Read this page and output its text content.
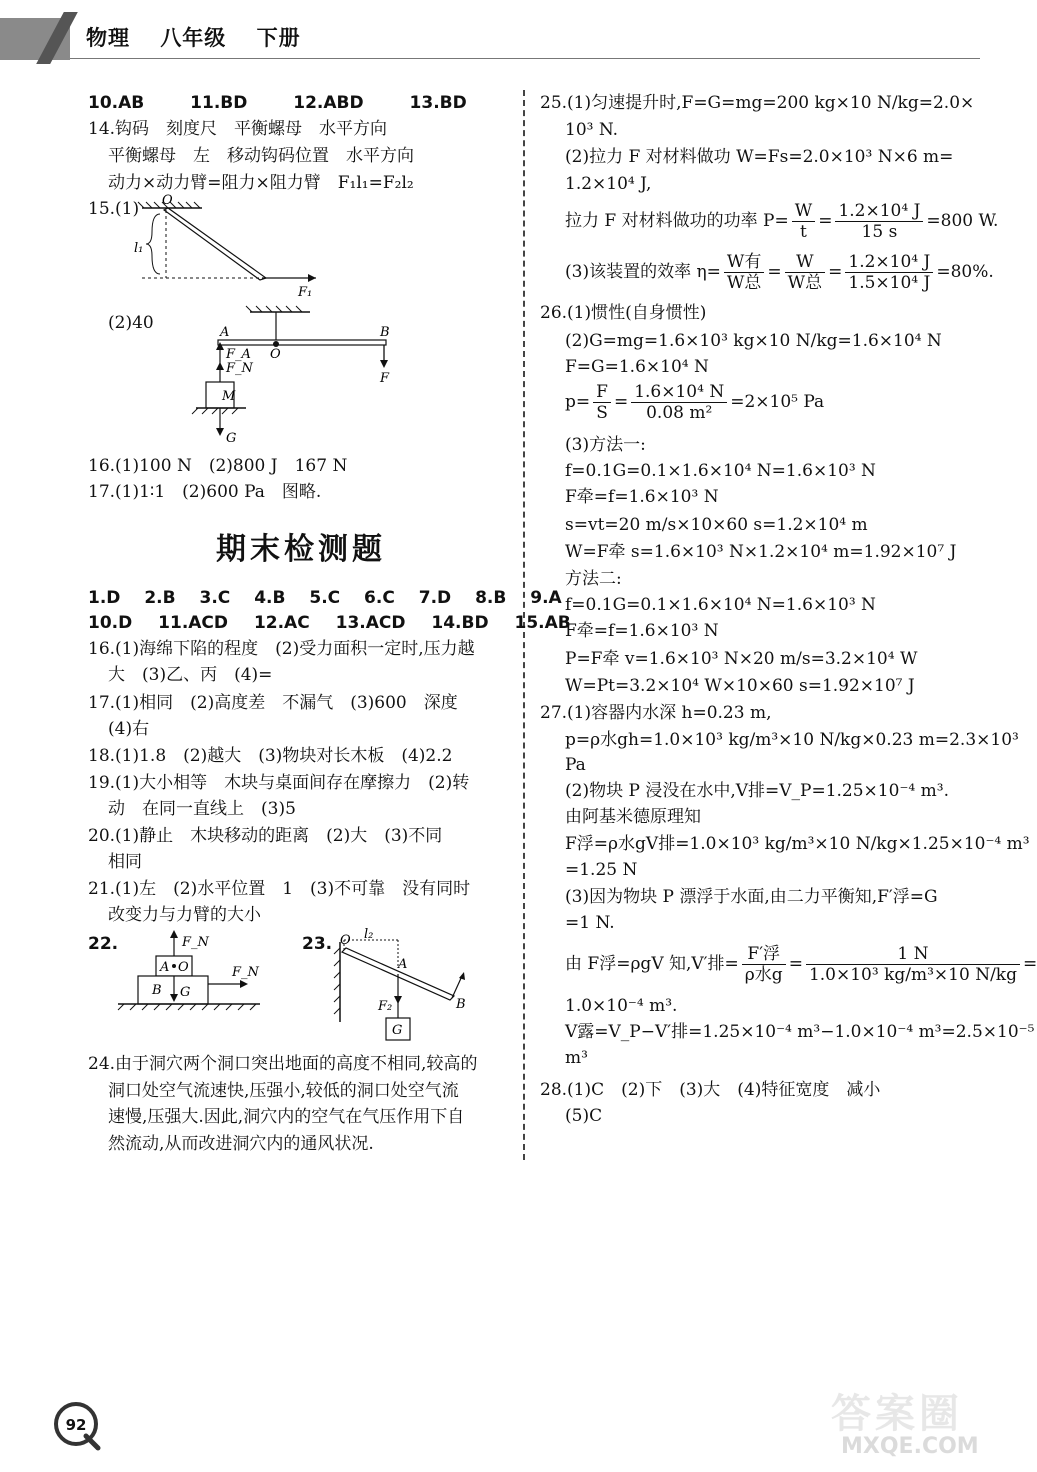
物理 八年级 下册
10.AB	11.BD	12.ABD	13.BD
14.钩码　刻度尺　平衡螺母　水平方向
平衡螺母　左　移动钩码位置　水平方向
动力×动力臂=阻力×阻力臂　F₁l₁=F₂l₂
15.(1) O
l₁
F₁
(2)40	A	B
O
F
F_A
F_N
M
G
16.(1)100 N　(2)800 J　167 N
17.(1)1∶1　(2)600 Pa　图略.
期末检测题
1.D 2.B 3.C 4.B 5.C 6.C 7.D 8.B 9.A
10.D 11.ACD 12.AC 13.ACD 14.BD 15.AB
16.(1)海绵下陷的程度　(2)受力面积一定时,压力越
大　(3)乙、丙　(4)=
17.(1)相同　(2)高度差　不漏气　(3)600　深度
(4)右
18.(1)1.8　(2)越大　(3)物块对长木板　(4)2.2
19.(1)大小相等　木块与桌面间存在摩擦力　(2)转
动　在同一直线上　(3)5
20.(1)静止　木块移动的距离　(2)大　(3)不同
相同
21.(1)左　(2)水平位置　1　(3)不可靠　没有同时
改变力与力臂的大小
22.	F_N
A O
B G
F_N
23. O l₂
A
F₂
G
B
24.由于洞穴两个洞口突出地面的高度不相同,较高的
洞口处空气流速快,压强小,较低的洞口处空气流
速慢,压强大.因此,洞穴内的空气在气压作用下自
然流动,从而改进洞穴内的通风状况.
25.(1)匀速提升时,F=G=mg=200 kg×10 N/kg=2.0×
10³ N.
(2)拉力 F 对材料做功 W=Fs=2.0×10³ N×6 m=
1.2×10⁴ J,
拉力 F 对材料做功的功率 $P= \frac{W}{t} = \frac{\text{1.2×10⁴ J}}{15 s} =800$ W.
(3)该装置的效率 $\eta= \frac{\text{W有}}{\text{W总}} = \frac{W}{\text{W总}} = \frac{\text{1.2×10⁴ J}}{\text{1.5×10⁴ J}} =80\%$.
26.(1)惯性(自身惯性)
(2)G=mg=1.6×10³ kg×10 N/kg=1.6×10⁴ N
F=G=1.6×10⁴ N
$p= \frac{F}{S} = \frac{\text{1.6×10⁴ N}}{\text{0.08 m²}} =2\times 10^5$ Pa
(3)方法一:
f=0.1G=0.1×1.6×10⁴ N=1.6×10³ N
F牵=f=1.6×10³ N
s=vt=20 m/s×10×60 s=1.2×10⁴ m
W=F牵 s=1.6×10³ N×1.2×10⁴ m=1.92×10⁷ J
方法二:
f=0.1G=0.1×1.6×10⁴ N=1.6×10³ N
F牵=f=1.6×10³ N
P=F牵 v=1.6×10³ N×20 m/s=3.2×10⁴ W
W=Pt=3.2×10⁴ W×10×60 s=1.92×10⁷ J
27.(1)容器内水深 h=0.23 m,
p=ρ水gh=1.0×10³ kg/m³×10 N/kg×0.23 m=2.3×10³
Pa
(2)物块 P 浸没在水中,V排=V_P=1.25×10⁻⁴ m³.
由阿基米德原理知
F浮=ρ水gV排=1.0×10³ kg/m³×10 N/kg×1.25×10⁻⁴ m³
=1.25 N
(3)因为物块 P 漂浮于水面,由二力平衡知,F′浮=G
=1 N.
由 F浮=ρgV 知,V′排= $\frac{\text{F′浮}}{\text{ρ水g}} = \frac{1 N}{\text{1.0×10³ kg/m³×10 N/kg}}$ =
1.0×10⁻⁴ m³.
V露=V_P−V′排=1.25×10⁻⁴ m³−1.0×10⁻⁴ m³=2.5×10⁻⁵
m³
28.(1)C　(2)下　(3)大　(4)特征宽度　减小
(5)C
92	答案圈
MXQE.COM
